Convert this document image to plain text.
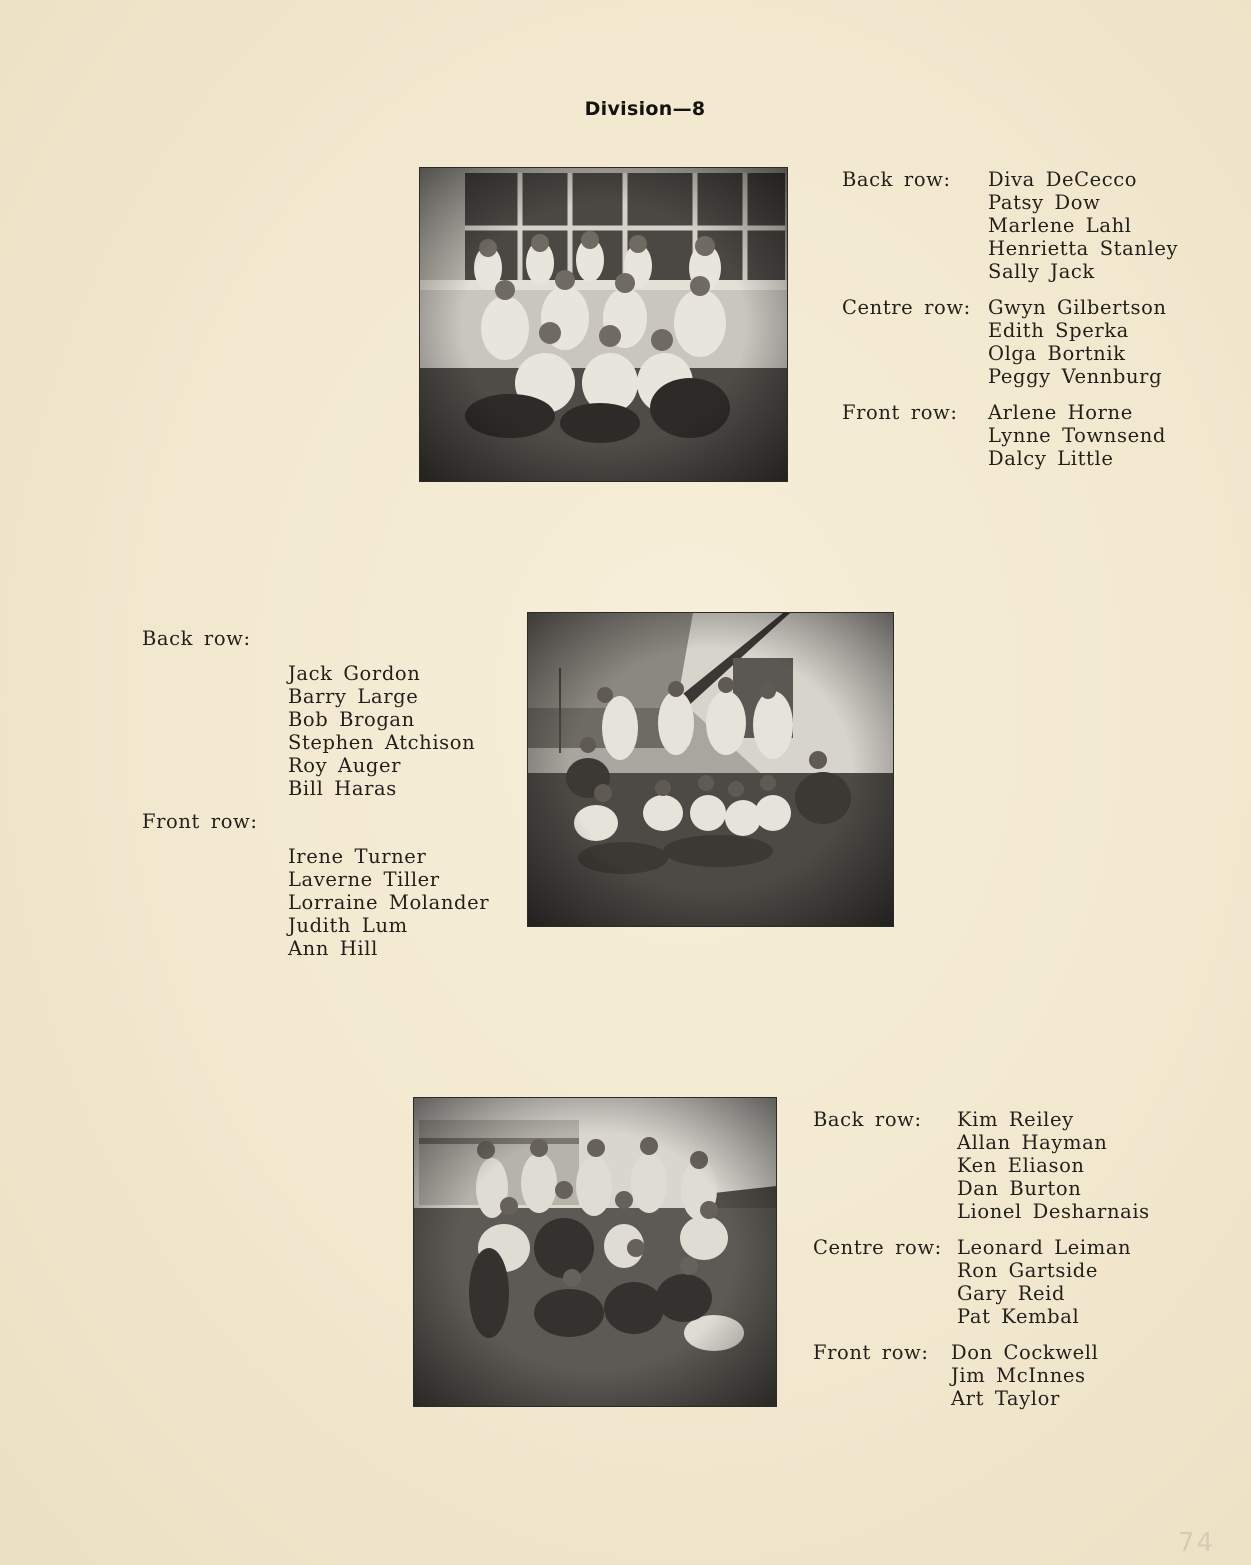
Division—8
Back row:	Diva DeCecco
Patsy Dow
Marlene Lahl
Henrietta Stanley
Sally Jack
Centre row: Gwyn Gilbertson
Edith Sperka
Olga Bortnik
Peggy Vennburg
Front row:	Arlene Horne
Lynne Townsend
Dalcy Little
Back row:
Jack Gordon
Barry Large
Bob Brogan
Stephen Atchison
Roy Auger
Bill Haras
Front row:
Irene Turner
Laverne Tiller
Lorraine Molander
Judith Lum
Ann Hill
Back row:	Kim Reiley
Allan Hayman
Ken Eliason
Dan Burton
Lionel Desharnais
Centre row: Leonard Leiman
Ron Gartside
Gary Reid
Pat Kembal
Front row:	Don Cockwell
Jim McInnes
Art Taylor
74
